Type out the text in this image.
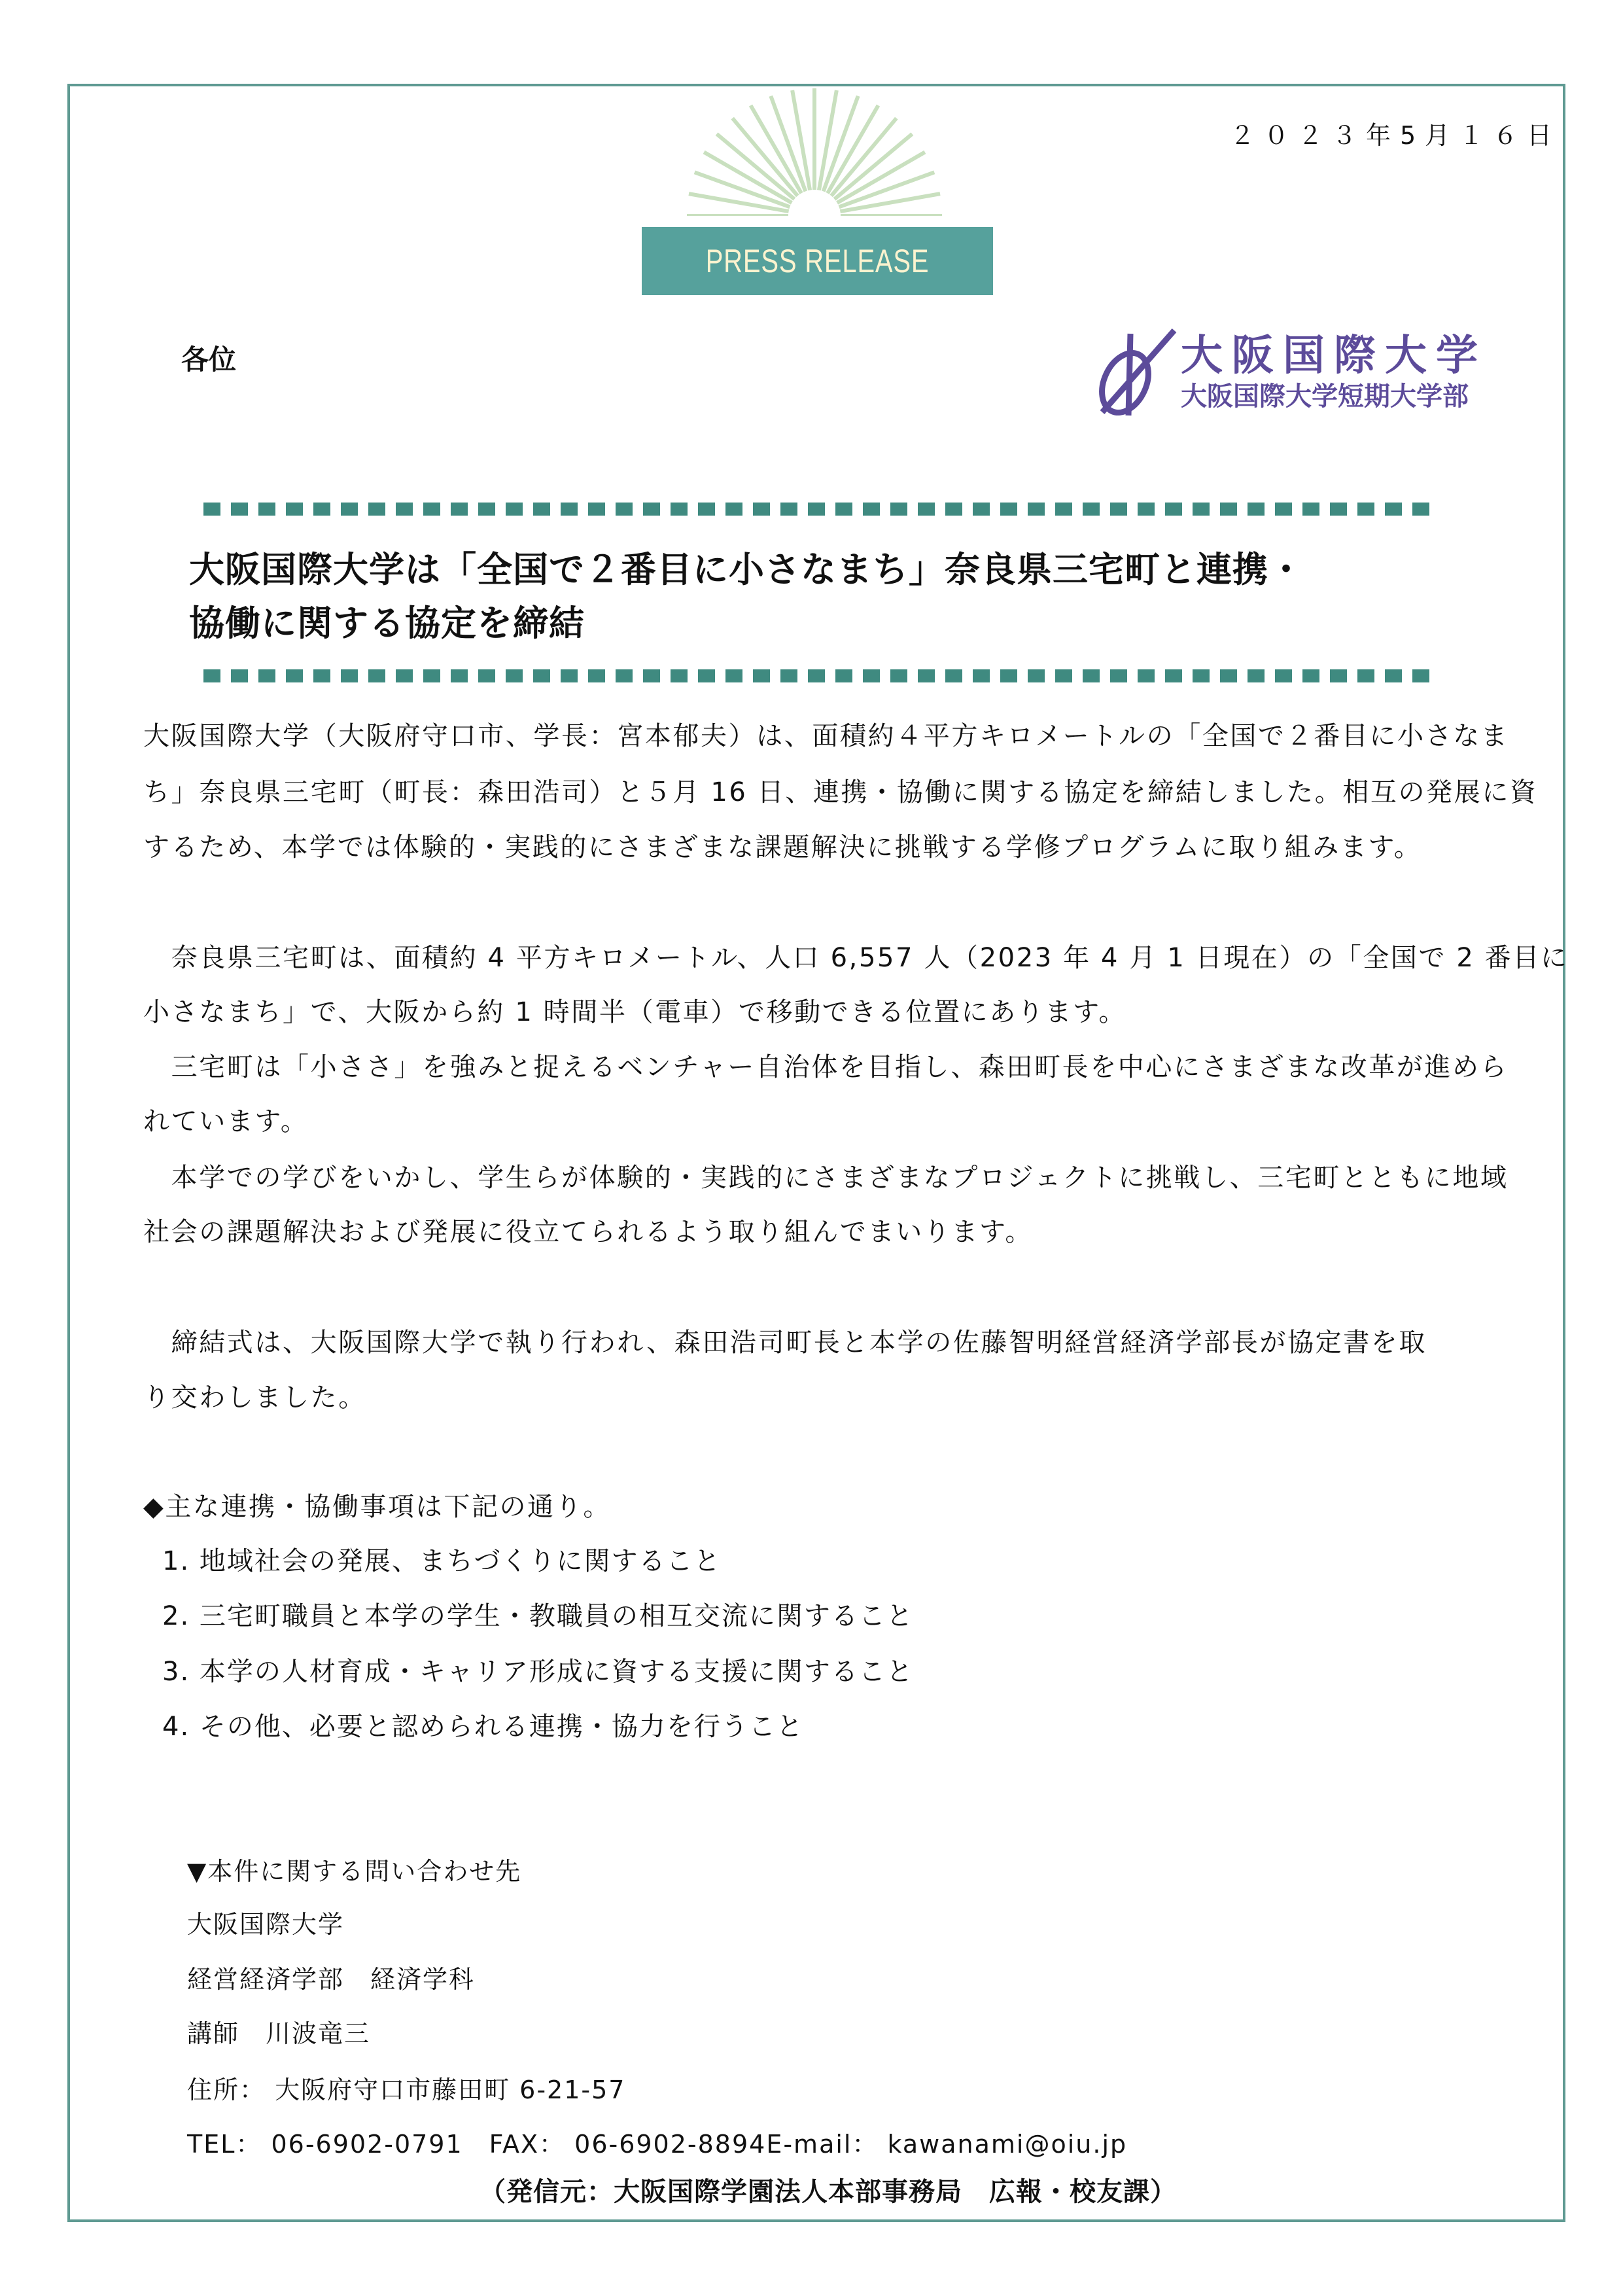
２０２３年5月１６日
PRESS RELEASE
各位	大阪国際大学
大阪国際大学短期大学部
大阪国際大学は「全国で２番目に小さなまち」奈良県三宅町と連携・
協働に関する協定を締結
大阪国際大学（大阪府守口市、学長：宮本郁夫）は、面積約４平方キロメートルの「全国で２番目に小さなま
ち」奈良県三宅町（町長：森田浩司）と５月 16 日、連携・協働に関する協定を締結しました。相互の発展に資
するため、本学では体験的・実践的にさまざまな課題解決に挑戦する学修プログラムに取り組みます。
　奈良県三宅町は、面積約 4 平方キロメートル、人口 6,557 人（2023 年 4 月 1 日現在）の「全国で 2 番目に
小さなまち」で、大阪から約 1 時間半（電車）で移動できる位置にあります。
　三宅町は「小ささ」を強みと捉えるベンチャー自治体を目指し、森田町長を中心にさまざまな改革が進めら
れています。
　本学での学びをいかし、学生らが体験的・実践的にさまざまなプロジェクトに挑戦し、三宅町とともに地域
社会の課題解決および発展に役立てられるよう取り組んでまいります。
　締結式は、大阪国際大学で執り行われ、森田浩司町長と本学の佐藤智明経営経済学部長が協定書を取
り交わしました。
◆主な連携・協働事項は下記の通り。
1. 地域社会の発展、まちづくりに関すること
2. 三宅町職員と本学の学生・教職員の相互交流に関すること
3. 本学の人材育成・キャリア形成に資する支援に関すること
4. その他、必要と認められる連携・協力を行うこと
▼本件に関する問い合わせ先
大阪国際大学
経営経済学部　経済学科
講師　川波竜三
住所： 大阪府守口市藤田町 6-21-57
TEL： 06-6902-0791　FAX： 06-6902-8894E-mail： kawanami@oiu.jp
（発信元：大阪国際学園法人本部事務局　広報・校友課）
